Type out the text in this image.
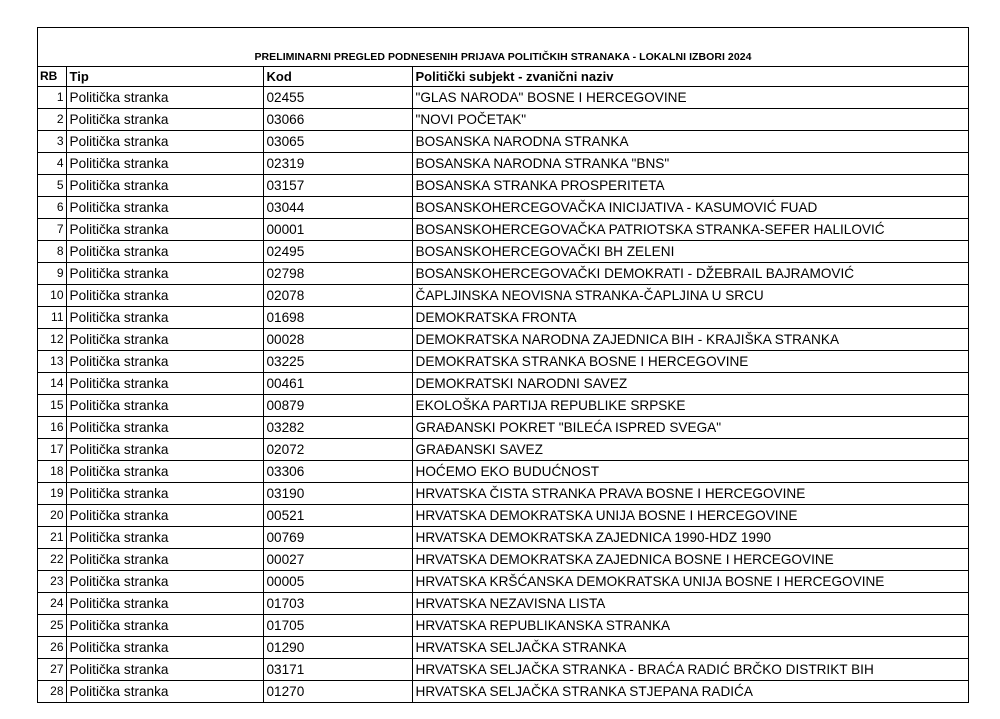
PRELIMINARNI PREGLED PODNESENIH PRIJAVA POLITIČKIH STRANAKA - LOKALNI IZBORI 2024
RB	Tip	Kod	Politički subjekt - zvanični naziv
1	Politička stranka	02455	"GLAS NARODA" BOSNE I HERCEGOVINE
2	Politička stranka	03066	"NOVI POČETAK"
3	Politička stranka	03065	BOSANSKA NARODNA STRANKA
4	Politička stranka	02319	BOSANSKA NARODNA STRANKA "BNS"
5	Politička stranka	03157	BOSANSKA STRANKA PROSPERITETA
6	Politička stranka	03044	BOSANSKOHERCEGOVAČKA INICIJATIVA - KASUMOVIĆ FUAD
7	Politička stranka	00001	BOSANSKOHERCEGOVAČKA PATRIOTSKA STRANKA-SEFER HALILOVIĆ
8	Politička stranka	02495	BOSANSKOHERCEGOVAČKI BH ZELENI
9	Politička stranka	02798	BOSANSKOHERCEGOVAČKI DEMOKRATI - DŽEBRAIL BAJRAMOVIĆ
10	Politička stranka	02078	ČAPLJINSKA NEOVISNA STRANKA-ČAPLJINA U SRCU
11	Politička stranka	01698	DEMOKRATSKA FRONTA
12	Politička stranka	00028	DEMOKRATSKA NARODNA ZAJEDNICA BIH - KRAJIŠKA STRANKA
13	Politička stranka	03225	DEMOKRATSKA STRANKA BOSNE I HERCEGOVINE
14	Politička stranka	00461	DEMOKRATSKI NARODNI SAVEZ
15	Politička stranka	00879	EKOLOŠKA PARTIJA REPUBLIKE SRPSKE
16	Politička stranka	03282	GRAĐANSKI POKRET "BILEĆA ISPRED SVEGA"
17	Politička stranka	02072	GRAĐANSKI SAVEZ
18	Politička stranka	03306	HOĆEMO EKO BUDUĆNOST
19	Politička stranka	03190	HRVATSKA ČISTA STRANKA PRAVA BOSNE I HERCEGOVINE
20	Politička stranka	00521	HRVATSKA DEMOKRATSKA UNIJA BOSNE I HERCEGOVINE
21	Politička stranka	00769	HRVATSKA DEMOKRATSKA ZAJEDNICA 1990-HDZ 1990
22	Politička stranka	00027	HRVATSKA DEMOKRATSKA ZAJEDNICA BOSNE I HERCEGOVINE
23	Politička stranka	00005	HRVATSKA KRŠĆANSKA DEMOKRATSKA UNIJA BOSNE I HERCEGOVINE
24	Politička stranka	01703	HRVATSKA NEZAVISNA LISTA
25	Politička stranka	01705	HRVATSKA REPUBLIKANSKA STRANKA
26	Politička stranka	01290	HRVATSKA SELJAČKA STRANKA
27	Politička stranka	03171	HRVATSKA SELJAČKA STRANKA - BRAĆA RADIĆ BRČKO DISTRIKT BIH
28	Politička stranka	01270	HRVATSKA SELJAČKA STRANKA STJEPANA RADIĆA
